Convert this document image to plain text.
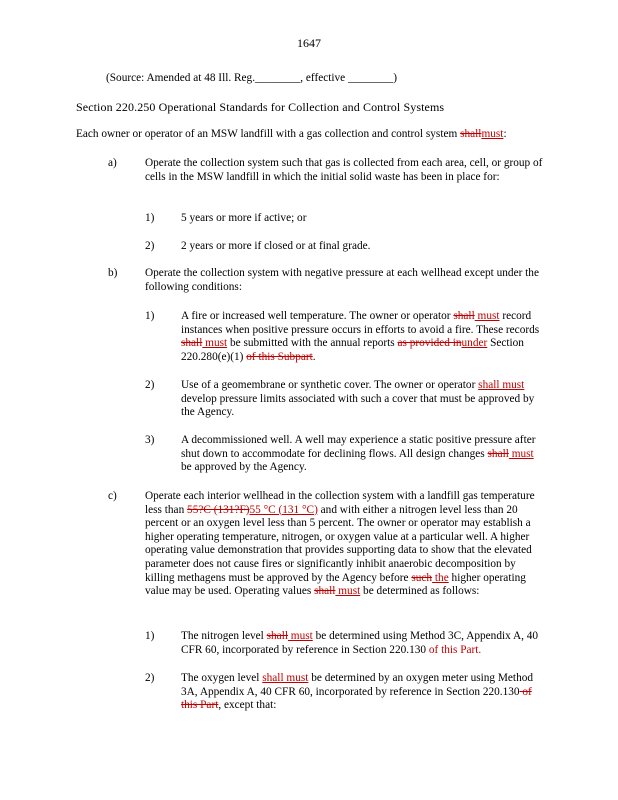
1647
(Source: Amended at 48 Ill. Reg.________, effective ________)
Section 220.250 Operational Standards for Collection and Control Systems
Each owner or operator of an MSW landfill with a gas collection and control system shallmust:
a) Operate the collection system such that gas is collected from each area, cell, or group of cells in the MSW landfill in which the initial solid waste has been in place for:
1) 5 years or more if active; or
2) 2 years or more if closed or at final grade.
b) Operate the collection system with negative pressure at each wellhead except under the following conditions:
1) A fire or increased well temperature. The owner or operator shall must record instances when positive pressure occurs in efforts to avoid a fire. These records shall must be submitted with the annual reports as provided inunder Section 220.280(e)(1) of this Subpart.
2) Use of a geomembrane or synthetic cover. The owner or operator shall must develop pressure limits associated with such a cover that must be approved by the Agency.
3) A decommissioned well. A well may experience a static positive pressure after shut down to accommodate for declining flows. All design changes shall must be approved by the Agency.
c) Operate each interior wellhead in the collection system with a landfill gas temperature less than 55?C (131?F)55 °C (131 °C) and with either a nitrogen level less than 20 percent or an oxygen level less than 5 percent. The owner or operator may establish a higher operating temperature, nitrogen, or oxygen value at a particular well. A higher operating value demonstration that provides supporting data to show that the elevated parameter does not cause fires or significantly inhibit anaerobic decomposition by killing methagens must be approved by the Agency before such the higher operating value may be used. Operating values shall must be determined as follows:
1) The nitrogen level shall must be determined using Method 3C, Appendix A, 40 CFR 60, incorporated by reference in Section 220.130 of this Part.
2) The oxygen level shall must be determined by an oxygen meter using Method 3A, Appendix A, 40 CFR 60, incorporated by reference in Section 220.130 of this Part, except that:
